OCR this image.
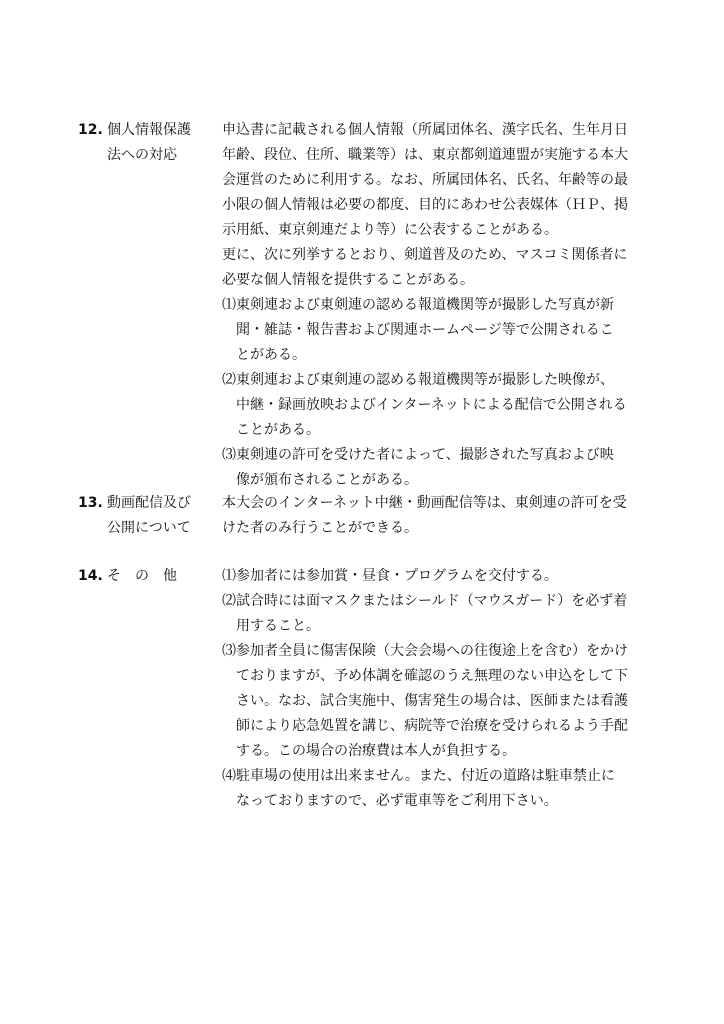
12. 個人情報保護
法への対応
申込書に記載される個人情報（所属団体名、漢字氏名、生年月日
年齢、段位、住所、職業等）は、東京都剣道連盟が実施する本大
会運営のために利用する。なお、所属団体名、氏名、年齢等の最
小限の個人情報は必要の都度、目的にあわせ公表媒体（ＨＰ、掲
示用紙、東京剣連だより等）に公表することがある。
更に、次に列挙するとおり、剣道普及のため、マスコミ関係者に
必要な個人情報を提供することがある。
⑴東剣連および東剣連の認める報道機関等が撮影した写真が新
聞・雑誌・報告書および関連ホームページ等で公開されるこ
とがある。
⑵東剣連および東剣連の認める報道機関等が撮影した映像が、
中継・録画放映およびインターネットによる配信で公開される
ことがある。
⑶東剣連の許可を受けた者によって、撮影された写真および映
像が頒布されることがある。
13. 動画配信及び
公開について
本大会のインターネット中継・動画配信等は、東剣連の許可を受
けた者のみ行うことができる。
14. そ　の　他	⑴参加者には参加賞・昼食・プログラムを交付する。
⑵試合時には面マスクまたはシールド（マウスガード）を必ず着
用すること。
⑶参加者全員に傷害保険（大会会場への往復途上を含む）をかけ
ておりますが、予め体調を確認のうえ無理のない申込をして下
さい。なお、試合実施中、傷害発生の場合は、医師または看護
師により応急処置を講じ、病院等で治療を受けられるよう手配
する。この場合の治療費は本人が負担する。
⑷駐車場の使用は出来ません。また、付近の道路は駐車禁止に
なっておりますので、必ず電車等をご利用下さい。
